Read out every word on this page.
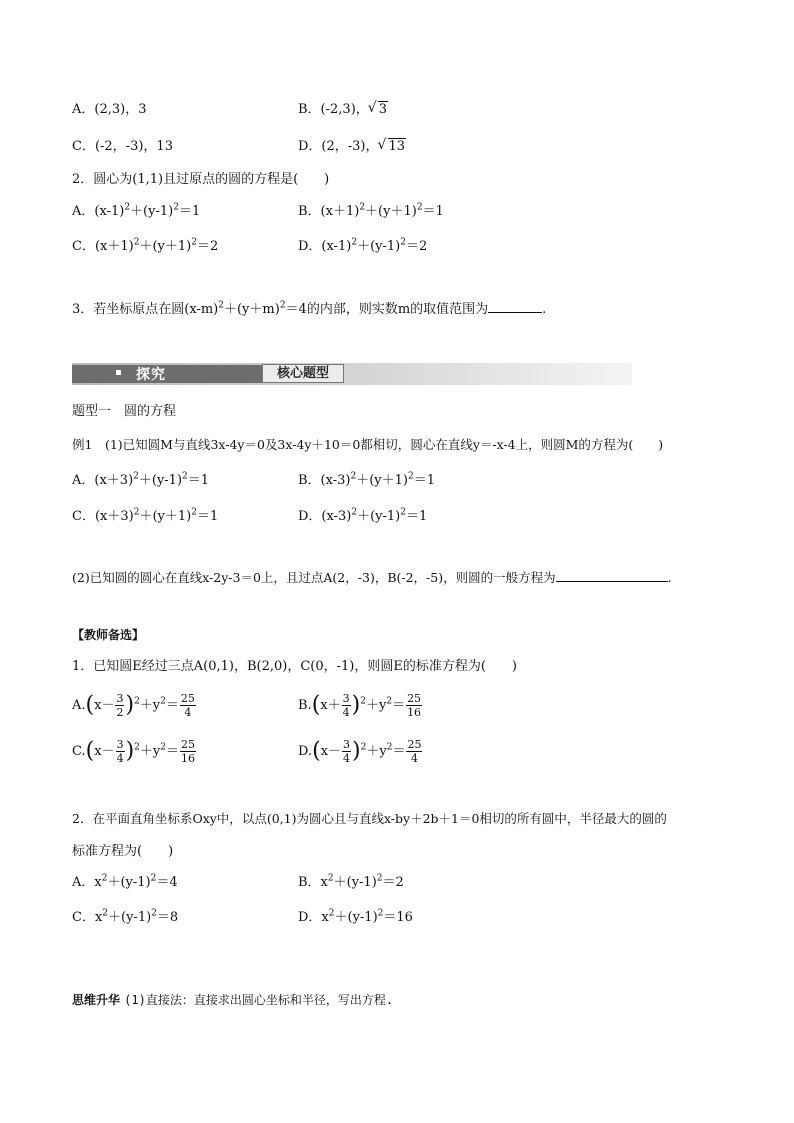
A．(2,3)，3	B．(-2,3)， √ 3
C．(-2，-3)，13	D．(2，-3)， √ 13
2．圆心为(1,1)且过原点的圆的方程是(　　)
A．$(x-1)^2+(y-1)^2=1$	B．$(x+1)^2+(y+1)^2=1$
C．$(x+1)^2+(y+1)^2=2$	D．$(x-1)^2+(y-1)^2=2$
3．若坐标原点在圆$(x-m)^2+(y+m)^2=4$的内部，则实数m的取值范围为	.
探究	核心题型
题型一　圆的方程
例1　(1)已知圆M与直线3x-4y＝0及3x-4y＋10＝0都相切，圆心在直线y＝-x-4上，则圆M的方程为(　　)
A．$(x+3)^2+(y-1)^2=1$	B．$(x-3)^2+(y+1)^2=1$
C．$(x+3)^2+(y+1)^2=1$	D．$(x-3)^2+(y-1)^2=1$
(2)已知圆的圆心在直线x-2y-3＝0上，且过点A(2，-3)，B(-2，-5)，则圆的一般方程为	.
【教师备选】
1．已知圆E经过三点A(0,1)，B(2,0)，C(0，-1)，则圆E的标准方程为(　　)
$A.(x- \frac{3}{2} )^2+y^2= \frac{25}{4}$	$B.(x+ \frac{3}{4} )^2+y^2= \frac{25}{16}$
$C.(x- \frac{3}{4} )^2+y^2= \frac{25}{16}$	$D.(x- \frac{3}{4} )^2+y^2= \frac{25}{4}$
2．在平面直角坐标系Oxy中，以点(0,1)为圆心且与直线x-by＋2b＋1＝0相切的所有圆中，半径最大的圆的
标准方程为(　　)
A．$x^2+(y-1)^2=4$	B．$x^2+(y-1)^2=2$
C．$x^2+(y-1)^2=8$	D．$x^2+(y-1)^2=16$
思维升华 (1)直接法：直接求出圆心坐标和半径，写出方程.
